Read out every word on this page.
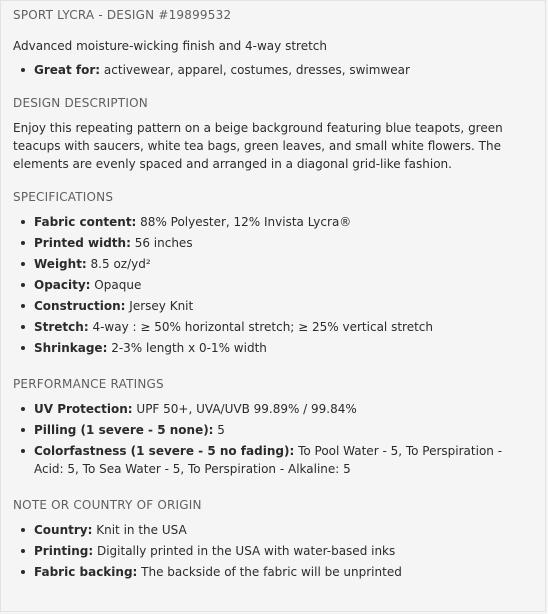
SPORT LYCRA - DESIGN #19899532

Advanced moisture-wicking finish and 4-way stretch

Great for: activewear, apparel, costumes, dresses, swimwear

DESIGN DESCRIPTION

Enjoy this repeating pattern on a beige background featuring blue teapots, green teacups with saucers, white tea bags, green leaves, and small white flowers. The elements are evenly spaced and arranged in a diagonal grid-like fashion.

SPECIFICATIONS

Fabric content: 88% Polyester, 12% Invista Lycra®
Printed width: 56 inches
Weight: 8.5 oz/yd²
Opacity: Opaque
Construction: Jersey Knit
Stretch: 4-way : ≥ 50% horizontal stretch; ≥ 25% vertical stretch
Shrinkage: 2-3% length x 0-1% width

PERFORMANCE RATINGS

UV Protection: UPF 50+, UVA/UVB 99.89% / 99.84%
Pilling (1 severe - 5 none): 5
Colorfastness (1 severe - 5 no fading): To Pool Water - 5, To Perspiration - Acid: 5, To Sea Water - 5, To Perspiration - Alkaline: 5

NOTE OR COUNTRY OF ORIGIN

Country: Knit in the USA
Printing: Digitally printed in the USA with water-based inks
Fabric backing: The backside of the fabric will be unprinted
